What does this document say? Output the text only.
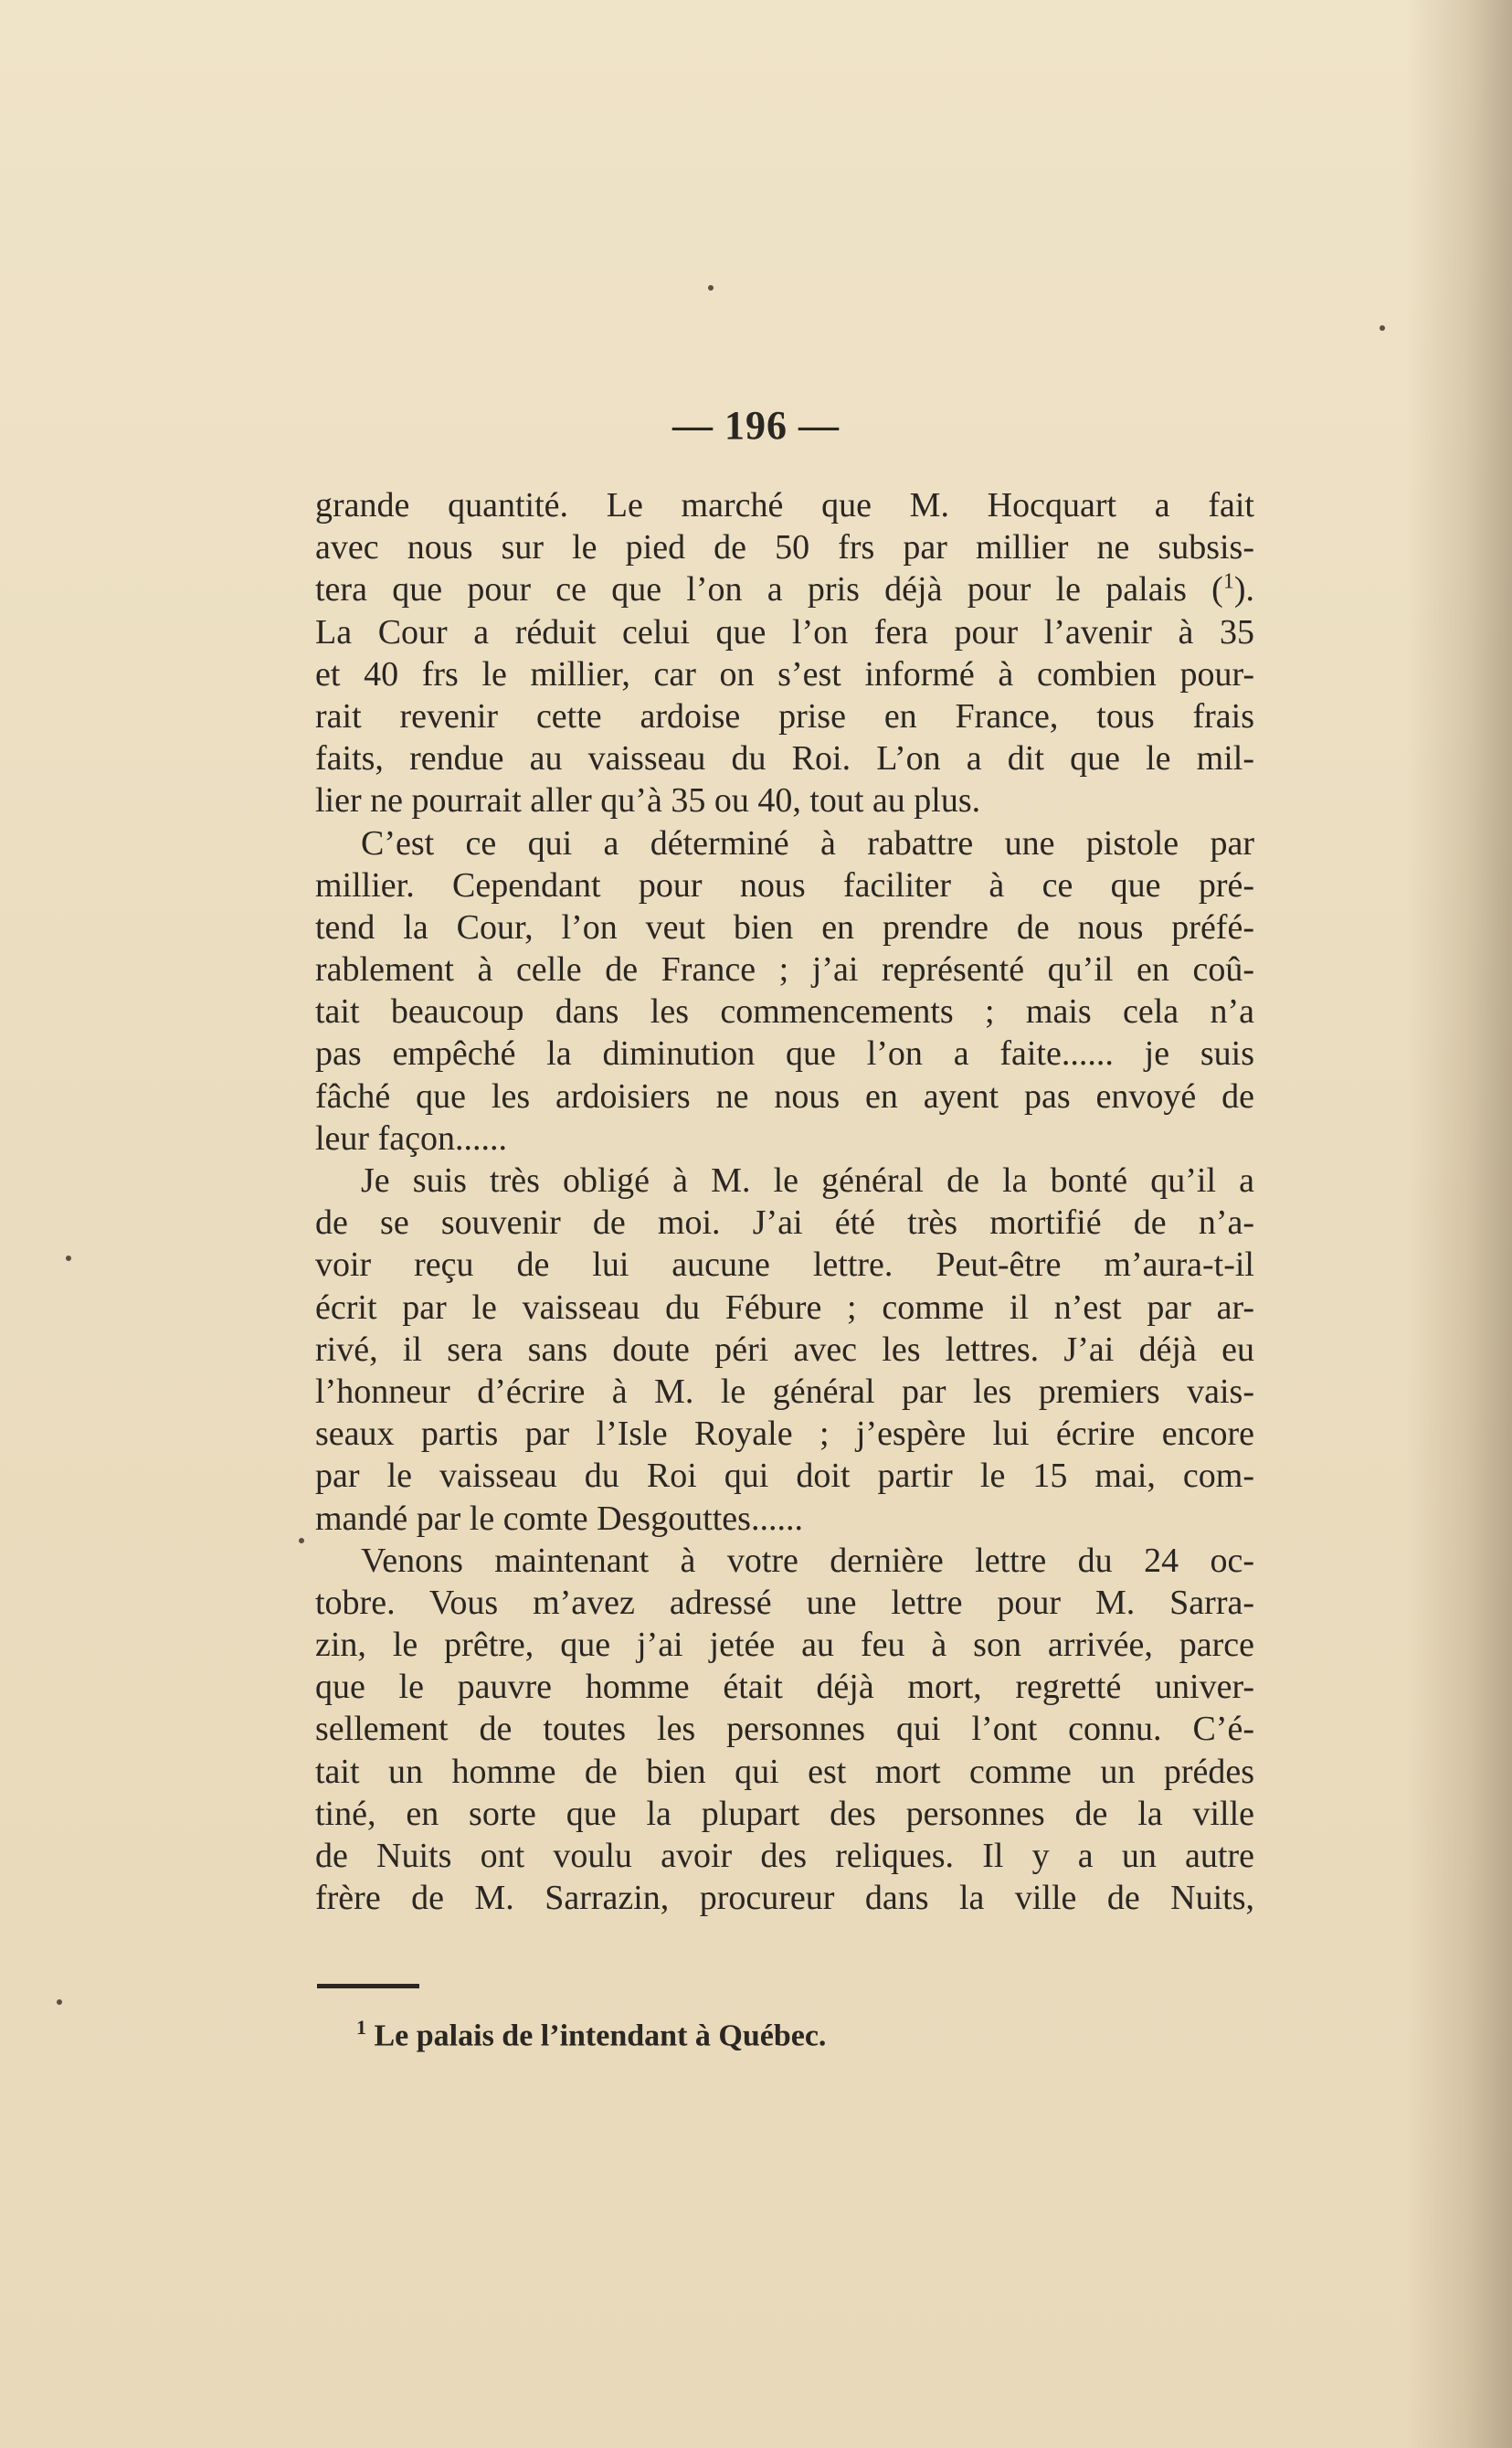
— 196 —
grande quantité. Le marché que M. Hocquart a fait
avec nous sur le pied de 50 frs par millier ne subsis-
tera que pour ce que l’on a pris déjà pour le palais ($^1$).
La Cour a réduit celui que l’on fera pour l’avenir à 35
et 40 frs le millier, car on s’est informé à combien pour-
rait revenir cette ardoise prise en France, tous frais
faits, rendue au vaisseau du Roi. L’on a dit que le mil-
lier ne pourrait aller qu’à 35 ou 40, tout au plus.
C’est ce qui a déterminé à rabattre une pistole par
millier. Cependant pour nous faciliter à ce que pré-
tend la Cour, l’on veut bien en prendre de nous préfé-
rablement à celle de France ; j’ai représenté qu’il en coû-
tait beaucoup dans les commencements ; mais cela n’a
pas empêché la diminution que l’on a faite...... je suis
fâché que les ardoisiers ne nous en ayent pas envoyé de
leur façon......
Je suis très obligé à M. le général de la bonté qu’il a
de se souvenir de moi. J’ai été très mortifié de n’a-
voir reçu de lui aucune lettre. Peut-être m’aura-t-il
écrit par le vaisseau du Fébure ; comme il n’est par ar-
rivé, il sera sans doute péri avec les lettres. J’ai déjà eu
l’honneur d’écrire à M. le général par les premiers vais-
seaux partis par l’Isle Royale ; j’espère lui écrire encore
par le vaisseau du Roi qui doit partir le 15 mai, com-
mandé par le comte Desgouttes......
Venons maintenant à votre dernière lettre du 24 oc-
tobre. Vous m’avez adressé une lettre pour M. Sarra-
zin, le prêtre, que j’ai jetée au feu à son arrivée, parce
que le pauvre homme était déjà mort, regretté univer-
sellement de toutes les personnes qui l’ont connu. C’é-
tait un homme de bien qui est mort comme un prédes
tiné, en sorte que la plupart des personnes de la ville
de Nuits ont voulu avoir des reliques. Il y a un autre
frère de M. Sarrazin, procureur dans la ville de Nuits,
$^1$ Le palais de l’intendant à Québec.
